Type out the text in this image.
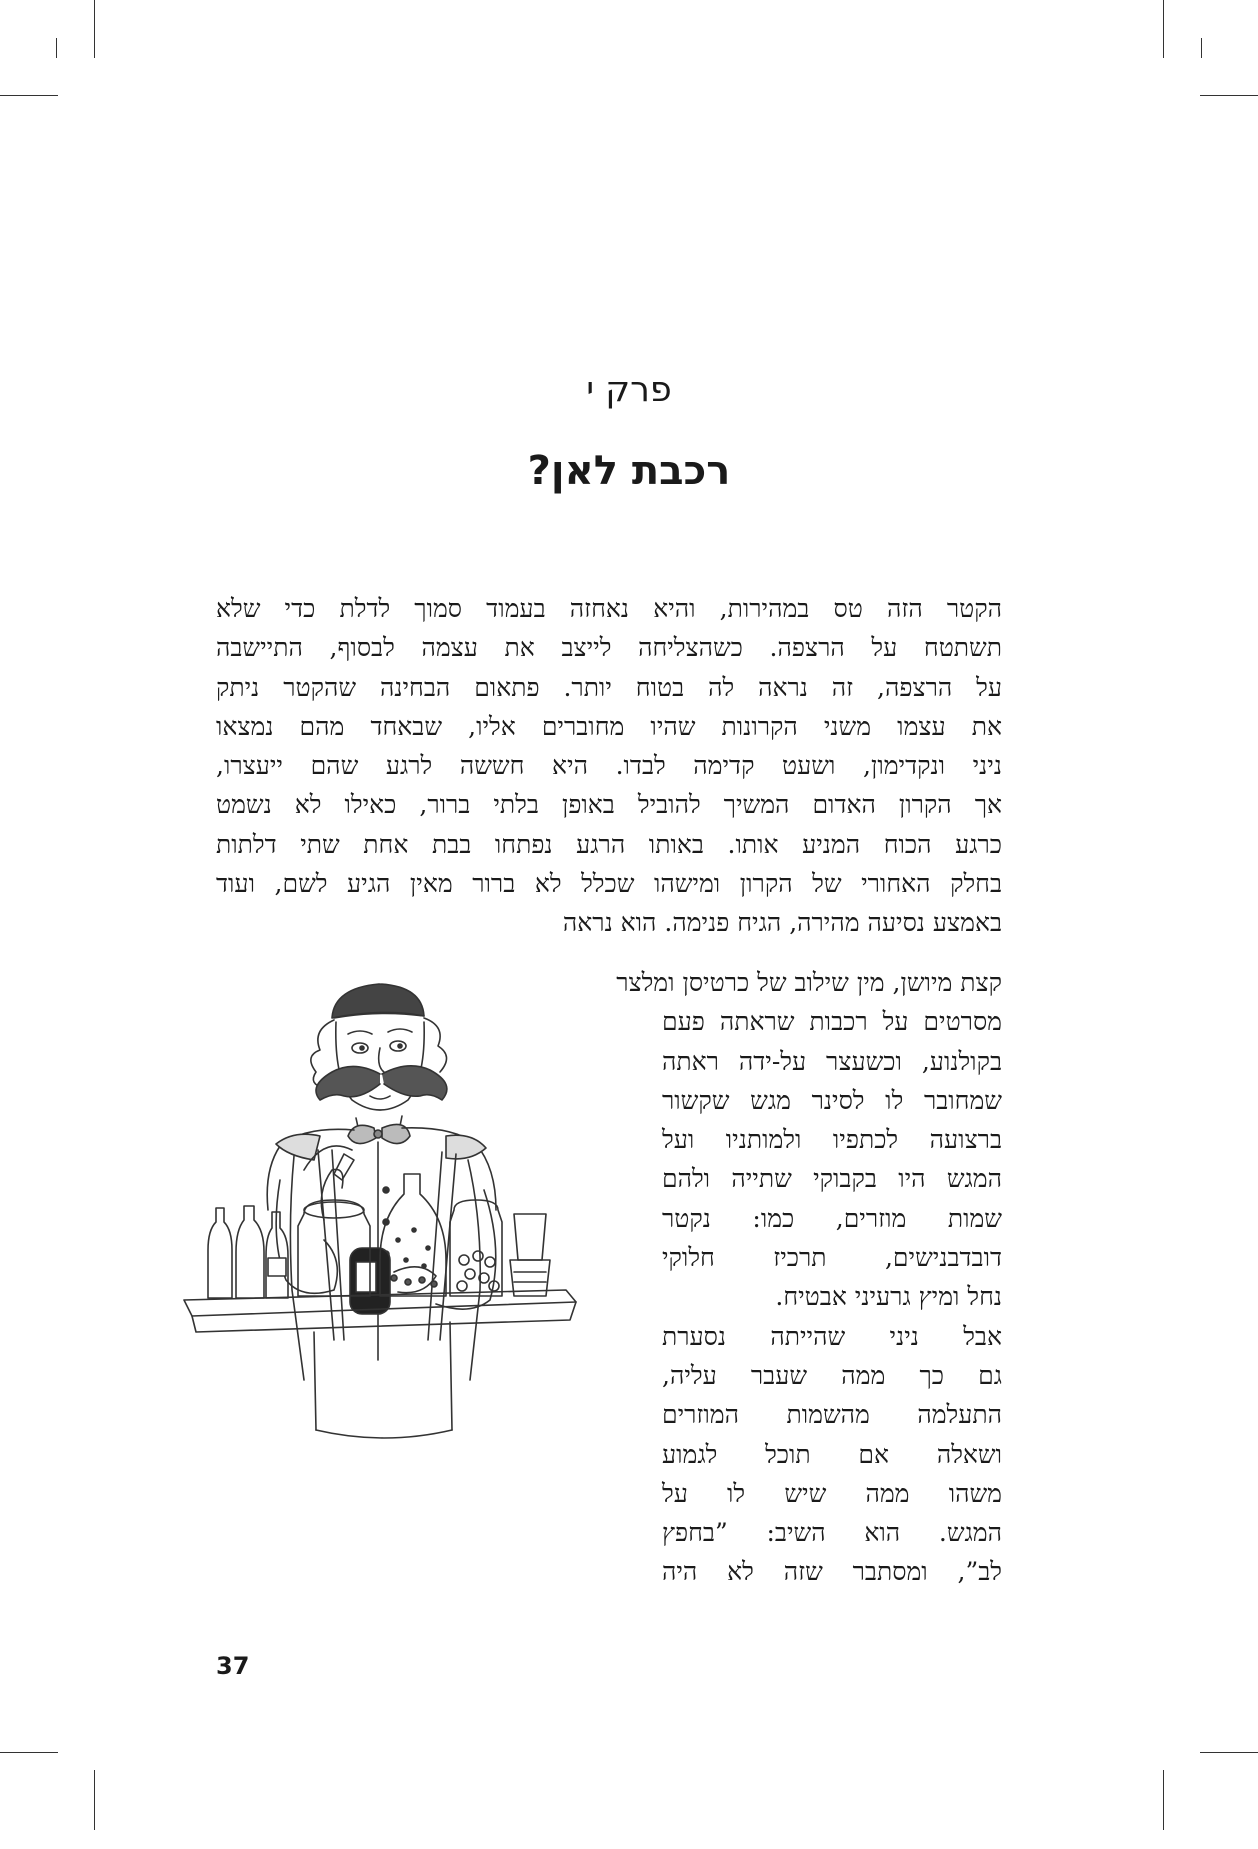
פרק י
רכבת לאן?
הקטר הזה טס במהירות, והיא נאחזה בעמוד סמוך לדלת כדי שלא
תשתטח על הרצפה. כשהצליחה לייצב את עצמה לבסוף, התיישבה
על הרצפה, זה נראה לה בטוח יותר. פתאום הבחינה שהקטר ניתק
את עצמו משני הקרונות שהיו מחוברים אליו, שבאחד מהם נמצאו
ניני ונקדימון, ושעט קדימה לבדו. היא חששה לרגע שהם ייעצרו,
אך הקרון האדום המשיך להוביל באופן בלתי ברור, כאילו לא נשמט
כרגע הכוח המניע אותו. באותו הרגע נפתחו בבת אחת שתי דלתות
בחלק האחורי של הקרון ומישהו שכלל לא ברור מאין הגיע לשם, ועוד
באמצע נסיעה מהירה, הגיח פנימה. הוא נראה
קצת מיושן, מין שילוב של כרטיסן ומלצר
מסרטים על רכבות שראתה פעם
בקולנוע, וכשעצר על-ידה ראתה
שמחובר לו לסינר מגש שקשור
ברצועה לכתפיו ולמותניו ועל
המגש היו בקבוקי שתייה ולהם
שמות מוזרים, כמו: נקטר
דובדבנישים, תרכיז חלוקי
נחל ומיץ גרעיני אבטיח.
אבל ניני שהייתה נסערת
גם כך ממה שעבר עליה,
התעלמה מהשמות המוזרים
ושאלה אם תוכל לגמוע
משהו ממה שיש לו על
המגש. הוא השיב: ”בחפץ
לב”, ומסתבר שזה לא היה
37
